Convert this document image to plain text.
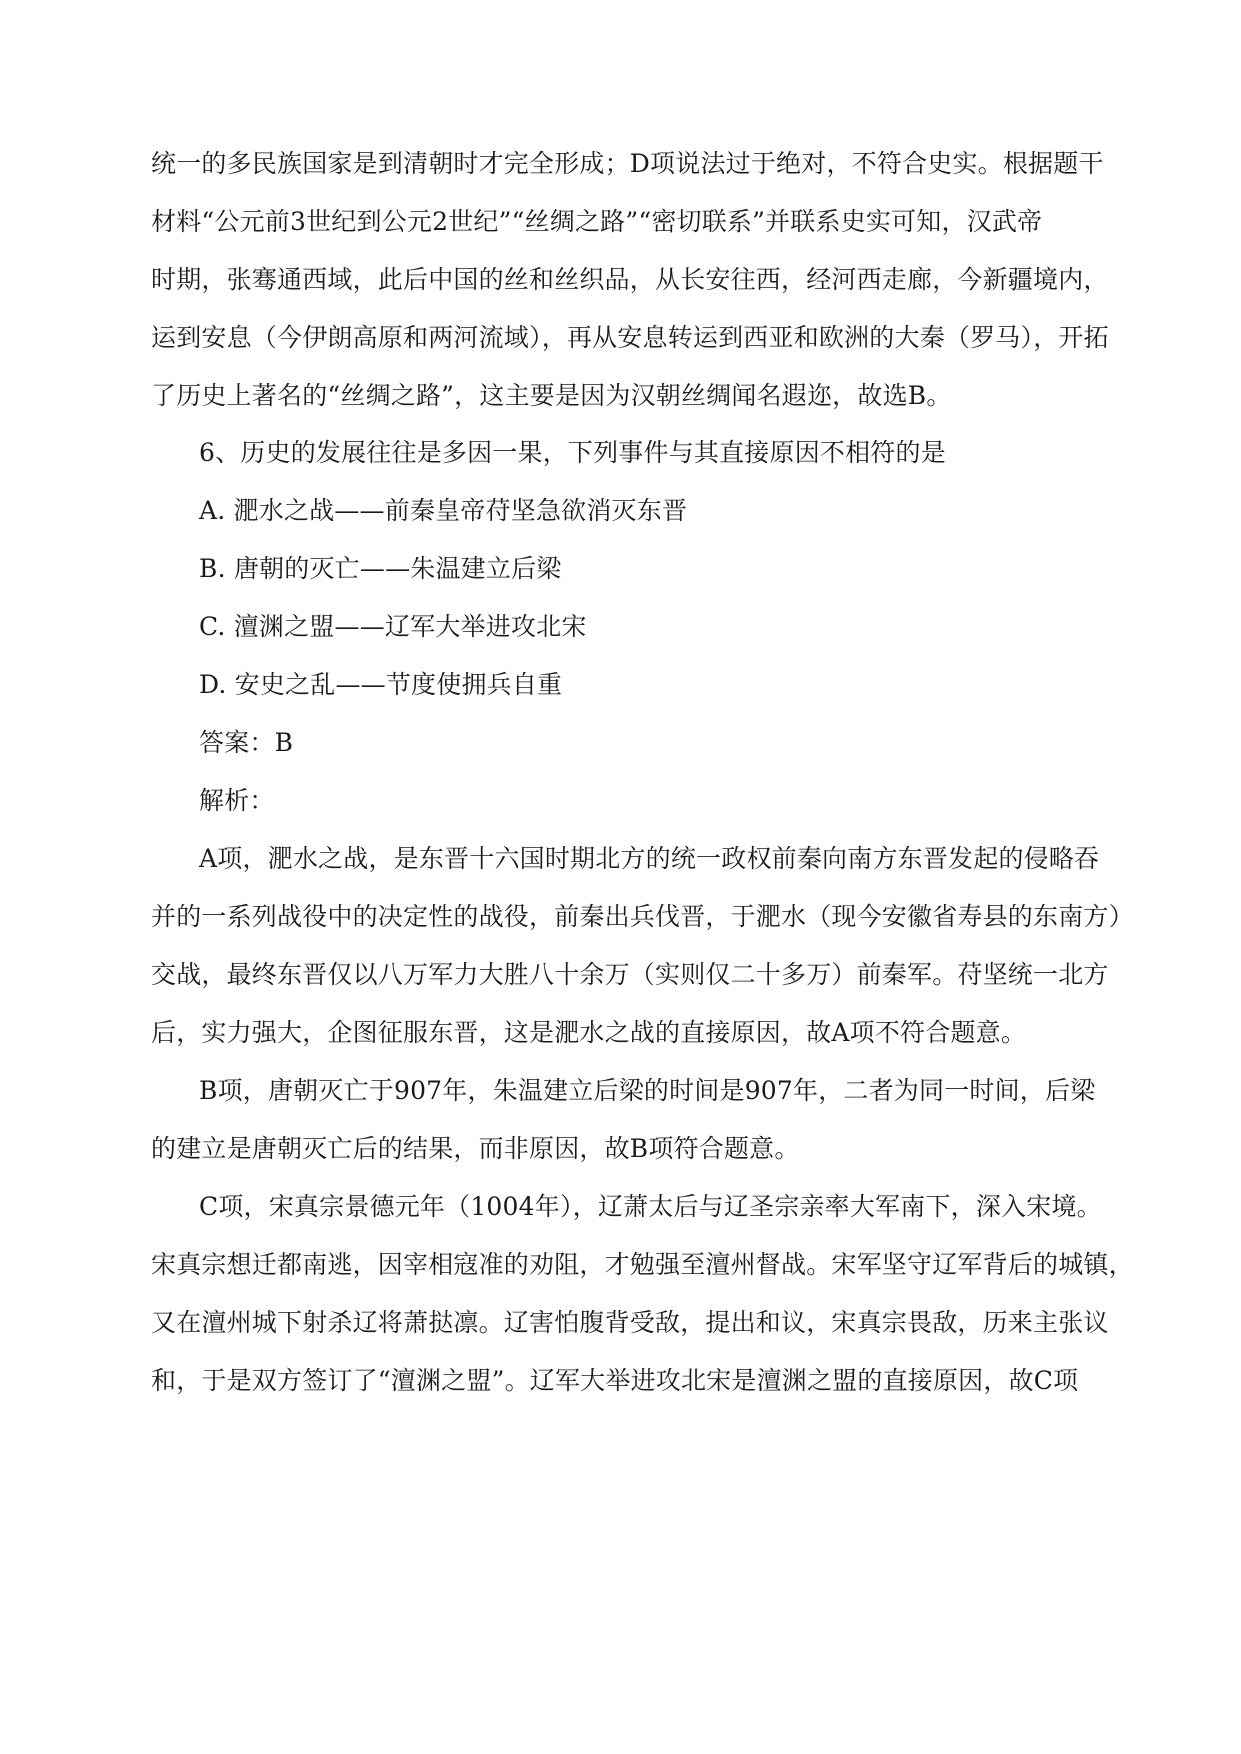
统一的多民族国家是到清朝时才完全形成；D项说法过于绝对，不符合史实。根据题干
材料“公元前3世纪到公元2世纪”“丝绸之路”“密切联系”并联系史实可知，汉武帝
时期，张骞通西域，此后中国的丝和丝织品，从长安往西，经河西走廊，今新疆境内，
运到安息（今伊朗高原和两河流域），再从安息转运到西亚和欧洲的大秦（罗马），开拓
了历史上著名的“丝绸之路”，这主要是因为汉朝丝绸闻名遐迩，故选B。
6、历史的发展往往是多因一果，下列事件与其直接原因不相符的是
A. 淝水之战——前秦皇帝苻坚急欲消灭东晋
B. 唐朝的灭亡——朱温建立后梁
C. 澶渊之盟——辽军大举进攻北宋
D. 安史之乱——节度使拥兵自重
答案：B
解析：
A项，淝水之战，是东晋十六国时期北方的统一政权前秦向南方东晋发起的侵略吞
并的一系列战役中的决定性的战役，前秦出兵伐晋，于淝水（现今安徽省寿县的东南方）
交战，最终东晋仅以八万军力大胜八十余万（实则仅二十多万）前秦军。苻坚统一北方
后，实力强大，企图征服东晋，这是淝水之战的直接原因，故A项不符合题意。
B项，唐朝灭亡于907年，朱温建立后梁的时间是907年，二者为同一时间，后梁
的建立是唐朝灭亡后的结果，而非原因，故B项符合题意。
C项，宋真宗景德元年（1004年），辽萧太后与辽圣宗亲率大军南下，深入宋境。
宋真宗想迁都南逃，因宰相寇准的劝阻，才勉强至澶州督战。宋军坚守辽军背后的城镇，
又在澶州城下射杀辽将萧挞凛。辽害怕腹背受敌，提出和议，宋真宗畏敌，历来主张议
和，于是双方签订了“澶渊之盟”。辽军大举进攻北宋是澶渊之盟的直接原因，故C项
